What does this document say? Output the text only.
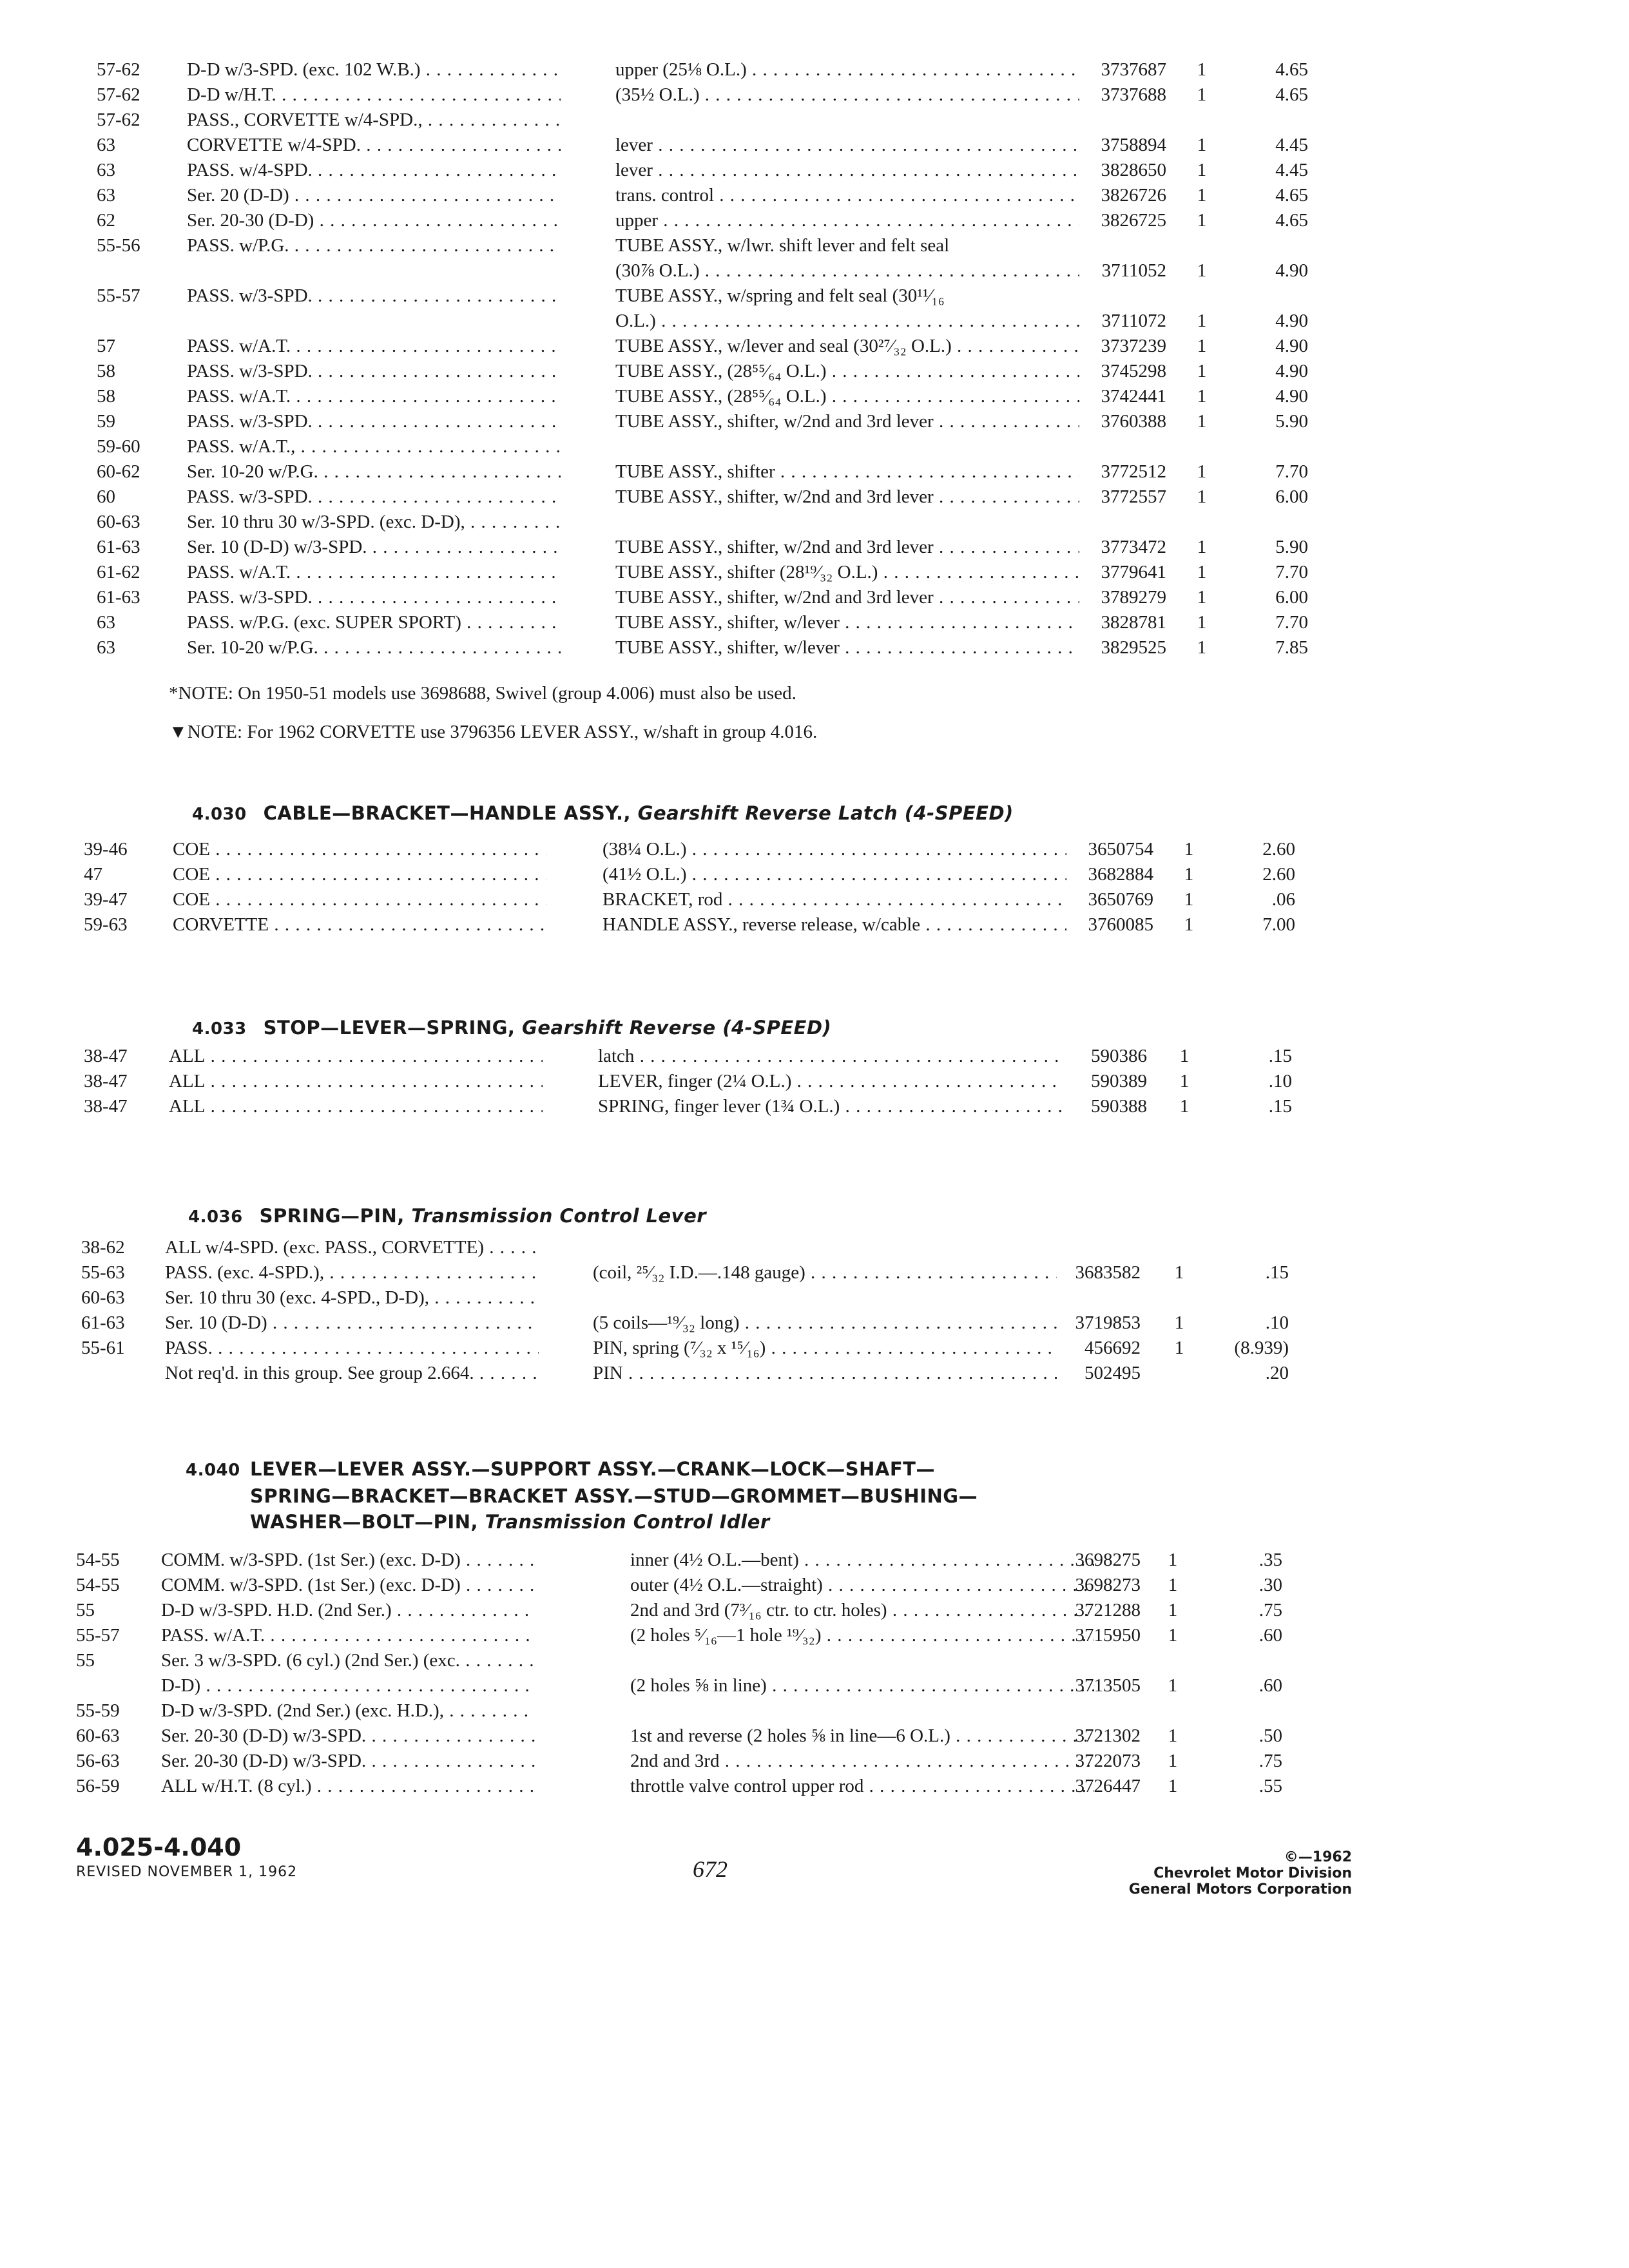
57-62	D-D w/3-SPD. (exc. 102 W.B.) . . .	upper (25⅛ O.L.) . . .	3737687	1	4.65
57-62	D-D w/H.T. . . .	(35½ O.L.) . . .	3737688	1	4.65
57-62	PASS., CORVETTE w/4-SPD., . . .
63	CORVETTE w/4-SPD. . . .	lever . . .	3758894	1	4.45
63	PASS. w/4-SPD. . . .	lever . . .	3828650	1	4.45
63	Ser. 20 (D-D) . . .	trans. control . . .	3826726	1	4.65
62	Ser. 20-30 (D-D) . . .	upper . . .	3826725	1	4.65
55-56	PASS. w/P.G. . . .	TUBE ASSY., w/lwr. shift lever and felt seal
(30⅞ O.L.) . . .	3711052	1	4.90
55-57	PASS. w/3-SPD. . . .	TUBE ASSY., w/spring and felt seal (30¹¹⁄₁₆
O.L.) . . .	3711072	1	4.90
57	PASS. w/A.T. . . .	TUBE ASSY., w/lever and seal (30²⁷⁄₃₂ O.L.) . . .	3737239	1	4.90
58	PASS. w/3-SPD. . . .	TUBE ASSY., (28⁵⁵⁄₆₄ O.L.) . . .	3745298	1	4.90
58	PASS. w/A.T. . . .	TUBE ASSY., (28⁵⁵⁄₆₄ O.L.) . . .	3742441	1	4.90
59	PASS. w/3-SPD. . . .	TUBE ASSY., shifter, w/2nd and 3rd lever . . .	3760388	1	5.90
59-60	PASS. w/A.T., . . .
60-62	Ser. 10-20 w/P.G. . . .	TUBE ASSY., shifter . . .	3772512	1	7.70
60	PASS. w/3-SPD. . . .	TUBE ASSY., shifter, w/2nd and 3rd lever . . .	3772557	1	6.00
60-63	Ser. 10 thru 30 w/3-SPD. (exc. D-D), . . .
61-63	Ser. 10 (D-D) w/3-SPD. . . .	TUBE ASSY., shifter, w/2nd and 3rd lever . . .	3773472	1	5.90
61-62	PASS. w/A.T. . . .	TUBE ASSY., shifter (28¹⁹⁄₃₂ O.L.) . . .	3779641	1	7.70
61-63	PASS. w/3-SPD. . . .	TUBE ASSY., shifter, w/2nd and 3rd lever . . .	3789279	1	6.00
63	PASS. w/P.G. (exc. SUPER SPORT) . . .	TUBE ASSY., shifter, w/lever . . .	3828781	1	7.70
63	Ser. 10-20 w/P.G. . . .	TUBE ASSY., shifter, w/lever . . .	3829525	1	7.85
*NOTE: On 1950-51 models use 3698688, Swivel (group 4.006) must also be used.
▼NOTE: For 1962 CORVETTE use 3796356 LEVER ASSY., w/shaft in group 4.016.
4.030 CABLE—BRACKET—HANDLE ASSY., Gearshift Reverse Latch (4-SPEED)
39-46	COE . . .	(38¼ O.L.) . . .	3650754	1	2.60
47	COE . . .	(41½ O.L.) . . .	3682884	1	2.60
39-47	COE . . .	BRACKET, rod . . .	3650769	1	.06
59-63	CORVETTE . . .	HANDLE ASSY., reverse release, w/cable . . .	3760085	1	7.00
4.033 STOP—LEVER—SPRING, Gearshift Reverse (4-SPEED)
38-47	ALL . . .	latch . . .	590386	1	.15
38-47	ALL . . .	LEVER, finger (2¼ O.L.) . . .	590389	1	.10
38-47	ALL . . .	SPRING, finger lever (1¾ O.L.) . . .	590388	1	.15
4.036 SPRING—PIN, Transmission Control Lever
38-62	ALL w/4-SPD. (exc. PASS., CORVETTE) . . .
55-63	PASS. (exc. 4-SPD.), . . .	(coil, ²⁵⁄₃₂ I.D.—.148 gauge) . . .	3683582	1	.15
60-63	Ser. 10 thru 30 (exc. 4-SPD., D-D), . . .
61-63	Ser. 10 (D-D) . . .	(5 coils—¹⁹⁄₃₂ long) . . .	3719853	1	.10
55-61	PASS. . . .	PIN, spring (⁷⁄₃₂ x ¹⁵⁄₁₆) . . .	456692	1	(8.939)
Not req'd. in this group. See group 2.664. . . .	PIN . . .	502495	.20
4.040 LEVER—LEVER ASSY.—SUPPORT ASSY.—CRANK—LOCK—SHAFT—
SPRING—BRACKET—BRACKET ASSY.—STUD—GROMMET—BUSHING—
WASHER—BOLT—PIN, Transmission Control Idler
54-55	COMM. w/3-SPD. (1st Ser.) (exc. D-D) . . .	inner (4½ O.L.—bent) . . .	3698275	1	.35
54-55	COMM. w/3-SPD. (1st Ser.) (exc. D-D) . . .	outer (4½ O.L.—straight) . . .	3698273	1	.30
55	D-D w/3-SPD. H.D. (2nd Ser.) . . .	2nd and 3rd (7³⁄₁₆ ctr. to ctr. holes) . . .	3721288	1	.75
55-57	PASS. w/A.T. . . .	(2 holes ⁵⁄₁₆—1 hole ¹⁹⁄₃₂) . . .	3715950	1	.60
55	Ser. 3 w/3-SPD. (6 cyl.) (2nd Ser.) (exc. . . .
D-D) . . .	(2 holes ⅝ in line) . . .	3713505	1	.60
55-59	D-D w/3-SPD. (2nd Ser.) (exc. H.D.), . . .
60-63	Ser. 20-30 (D-D) w/3-SPD. . . .	1st and reverse (2 holes ⅝ in line—6 O.L.) . . .	3721302	1	.50
56-63	Ser. 20-30 (D-D) w/3-SPD. . . .	2nd and 3rd . . .	3722073	1	.75
56-59	ALL w/H.T. (8 cyl.) . . .	throttle valve control upper rod . . .	3726447	1	.55
4.025-4.040
REVISED NOVEMBER 1, 1962	672	©—1962
Chevrolet Motor Division
General Motors Corporation
